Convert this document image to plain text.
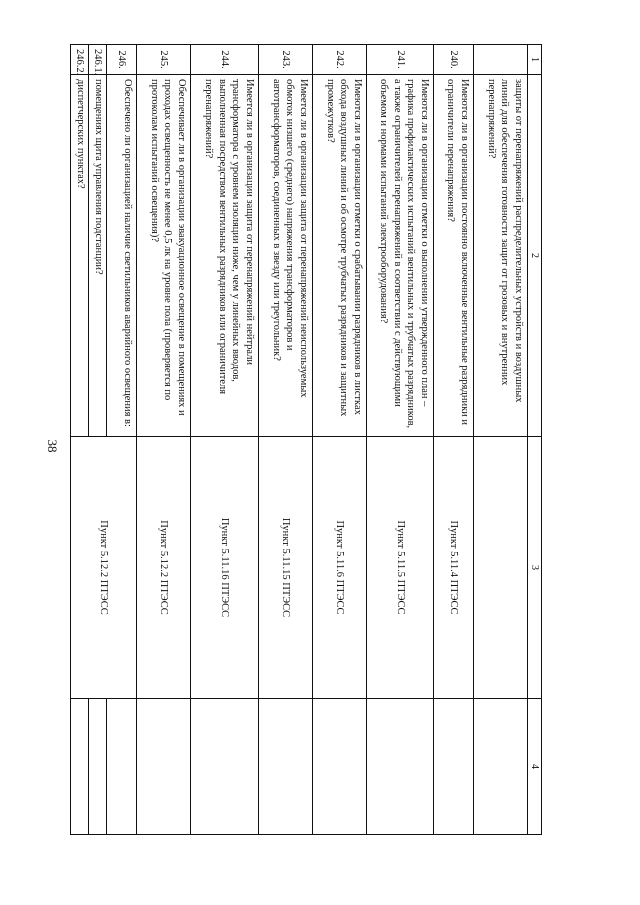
38
1	2	3	4
	защиты от перенапряжений распределительных устройств и воздушных линий для обеспечения готовности защит от грозовых и внутренних перенапряжений?		
240.	Имеются ли в организации постоянно включенные вентильные разрядники и ограничители перенапряжения?	Пункт 5.11.4 ПТЭСС	
241.	Имеются ли в организации отметки о выполнении утвержденного план – графика профилактических испытаний вентильных и трубчатых разрядников, а также ограничителей перенапряжений в соответствии с действующими объемом и нормами испытаний электрооборудования?	Пункт 5.11.5 ПТЭСС	
242.	Имеются ли в организации отметки о срабатывании разрядников в листках обхода воздушных линий и об осмотре трубчатых разрядников и защитных промежутков?	Пункт 5.11.6 ПТЭСС	
243.	Имеется ли в организации защита от перенапряжений неиспользуемых обмоток низшего (среднего) напряжения трансформаторов и автотрансформаторов, соединенных в звезду или треугольник?	Пункт 5.11.15 ПТЭСС	
244.	Имеется ли в организации защита от перенапряжений нейтрали трансформатора с уровнем изоляции ниже, чем у линейных вводов, выполненная посредством вентильных разрядников или ограничителя перенапряжений?	Пункт 5.11.16 ПТЭСС	
245.	Обеспечивает ли в организации эвакуационное освещение в помещениях и проходах освещенность не менее 0,5 лк на уровне пола (проверяется по протоколам испытаний освещения)?	Пункт 5.12.2 ПТЭСС	
246.	Обеспечено ли организацией наличие светильников аварийного освещения в:	Пункт 5.12.2 ПТЭСС	
246.1.	помещениях щита управления подстанции?		
246.2.	диспетчерских пунктах?		
